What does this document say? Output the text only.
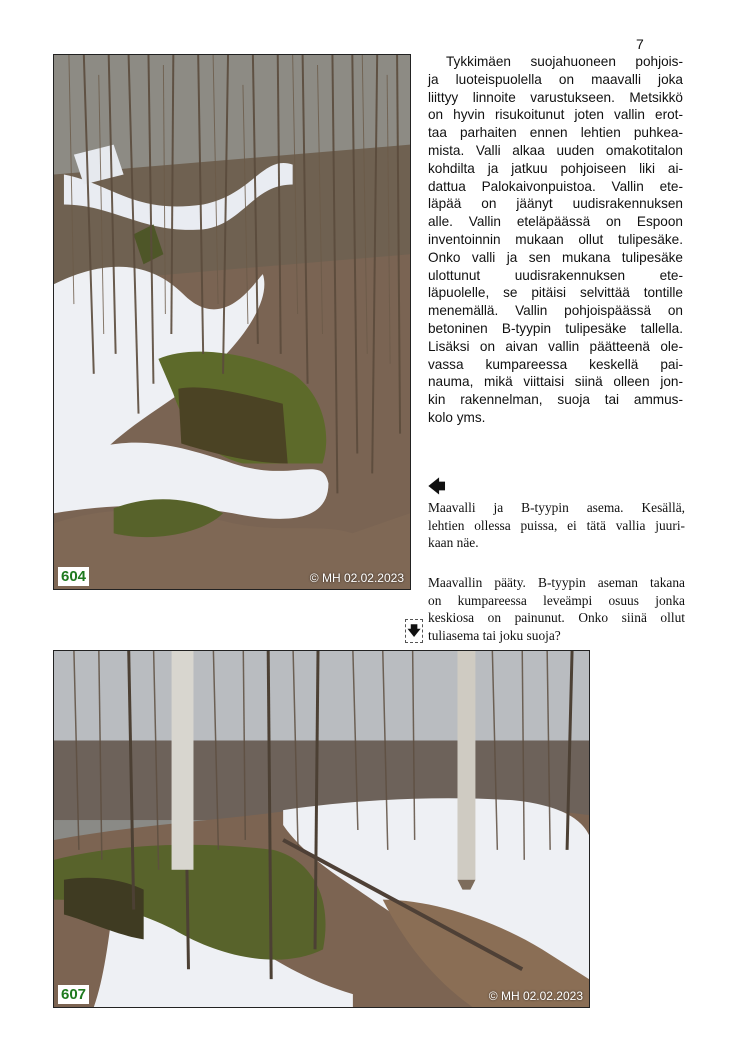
7
604	© MH 02.02.2023
Tykkimäen suojahuoneen pohjois-
ja luoteispuolella on maavalli joka
liittyy linnoite varustukseen. Metsikkö
on hyvin risukoitunut joten vallin erot-
taa parhaiten ennen lehtien puhkea-
mista. Valli alkaa uuden omakotitalon
kohdilta ja jatkuu pohjoiseen liki ai-
dattua Palokaivonpuistoa. Vallin ete-
läpää on jäänyt uudisrakennuksen
alle. Vallin eteläpäässä on Espoon
inventoinnin mukaan ollut tulipesäke.
Onko valli ja sen mukana tulipesäke
ulottunut uudisrakennuksen ete-
läpuolelle, se pitäisi selvittää tontille
menemällä. Vallin pohjoispäässä on
betoninen B-tyypin tulipesäke tallella.
Lisäksi on aivan vallin päätteenä ole-
vassa kumpareessa keskellä pai-
nauma, mikä viittaisi siinä olleen jon-
kin rakennelman, suoja tai ammus-
kolo yms.
🡄
Maavalli ja B-tyypin asema. Kesällä,
lehtien ollessa puissa, ei tätä vallia juuri-
kaan näe.
Maavallin pääty. B-tyypin aseman takana
on kumpareessa leveämpi osuus jonka
keskiosa on painunut. Onko siinä ollut
tuliasema tai joku suoja?
🡇
607	© MH 02.02.2023
